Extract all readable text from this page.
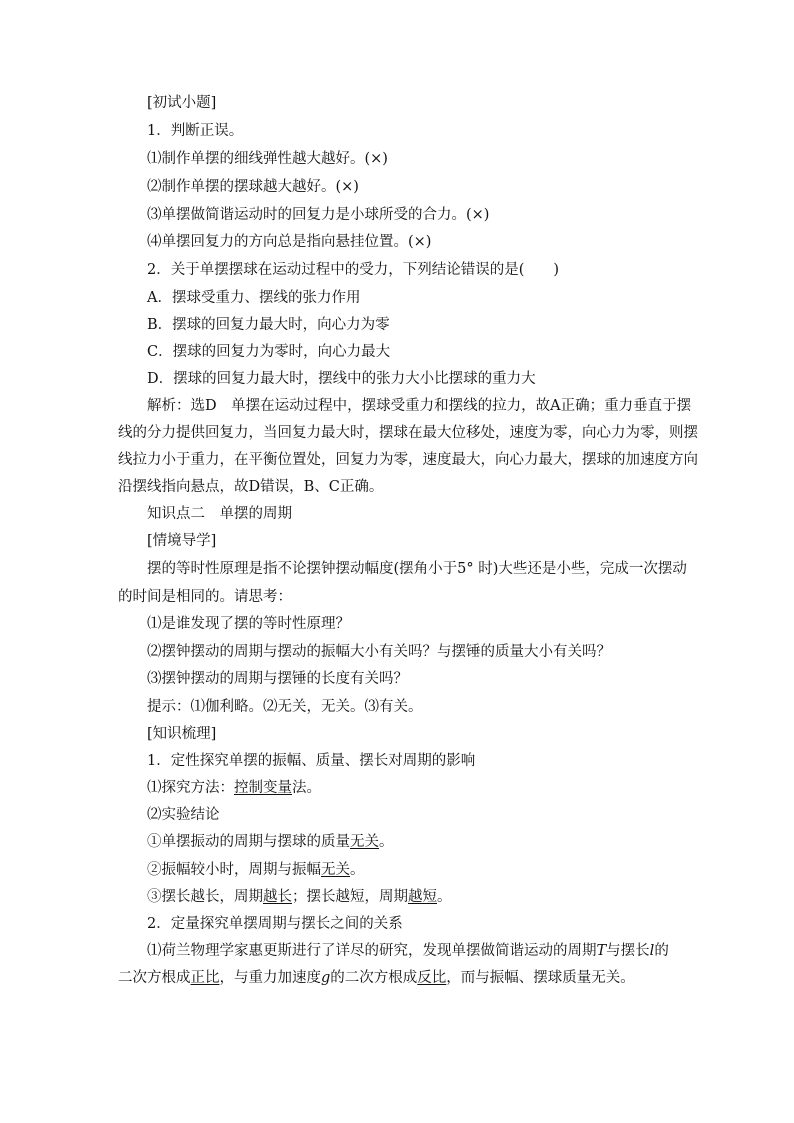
[初试小题]
1．判断正误。
⑴制作单摆的细线弹性越大越好。(×)
⑵制作单摆的摆球越大越好。(×)
⑶单摆做简谐运动时的回复力是小球所受的合力。(×)
⑷单摆回复力的方向总是指向悬挂位置。(×)
2．关于单摆摆球在运动过程中的受力，下列结论错误的是(　　)
A．摆球受重力、摆线的张力作用
B．摆球的回复力最大时，向心力为零
C．摆球的回复力为零时，向心力最大
D．摆球的回复力最大时，摆线中的张力大小比摆球的重力大
解析：选D　单摆在运动过程中，摆球受重力和摆线的拉力，故A正确；重力垂直于摆
线的分力提供回复力，当回复力最大时，摆球在最大位移处，速度为零，向心力为零，则摆
线拉力小于重力，在平衡位置处，回复力为零，速度最大，向心力最大，摆球的加速度方向
沿摆线指向悬点，故D错误，B、C正确。
知识点二　单摆的周期
[情境导学]
摆的等时性原理是指不论摆钟摆动幅度(摆角小于5° 时)大些还是小些，完成一次摆动
的时间是相同的。请思考：
⑴是谁发现了摆的等时性原理？
⑵摆钟摆动的周期与摆动的振幅大小有关吗？与摆锤的质量大小有关吗？
⑶摆钟摆动的周期与摆锤的长度有关吗？
提示：⑴伽利略。⑵无关，无关。⑶有关。
[知识梳理]
1．定性探究单摆的振幅、质量、摆长对周期的影响
⑴探究方法：控制变量法。
⑵实验结论
①单摆振动的周期与摆球的质量无关。
②振幅较小时，周期与振幅无关。
③摆长越长，周期越长；摆长越短，周期越短。
2．定量探究单摆周期与摆长之间的关系
⑴荷兰物理学家惠更斯进行了详尽的研究，发现单摆做简谐运动的周期T与摆长l的
二次方根成正比，与重力加速度g的二次方根成反比，而与振幅、摆球质量无关。
